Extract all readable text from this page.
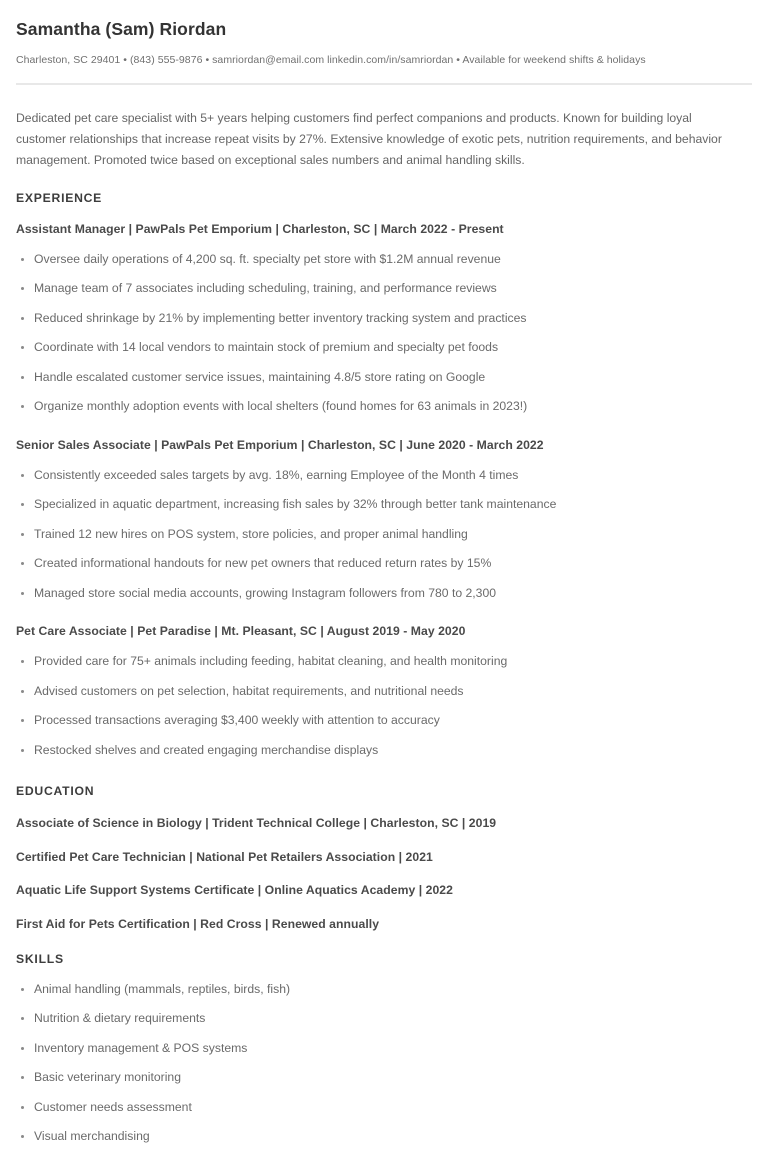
Samantha (Sam) Riordan

Charleston, SC 29401 • (843) 555-9876 • samriordan@email.com linkedin.com/in/samriordan • Available for weekend shifts & holidays

Dedicated pet care specialist with 5+ years helping customers find perfect companions and products. Known for building loyal customer relationships that increase repeat visits by 27%. Extensive knowledge of exotic pets, nutrition requirements, and behavior management. Promoted twice based on exceptional sales numbers and animal handling skills.

EXPERIENCE
Assistant Manager | PawPals Pet Emporium | Charleston, SC | March 2022 - Present
Oversee daily operations of 4,200 sq. ft. specialty pet store with $1.2M annual revenue
Manage team of 7 associates including scheduling, training, and performance reviews
Reduced shrinkage by 21% by implementing better inventory tracking system and practices
Coordinate with 14 local vendors to maintain stock of premium and specialty pet foods
Handle escalated customer service issues, maintaining 4.8/5 store rating on Google
Organize monthly adoption events with local shelters (found homes for 63 animals in 2023!)
Senior Sales Associate | PawPals Pet Emporium | Charleston, SC | June 2020 - March 2022
Consistently exceeded sales targets by avg. 18%, earning Employee of the Month 4 times
Specialized in aquatic department, increasing fish sales by 32% through better tank maintenance
Trained 12 new hires on POS system, store policies, and proper animal handling
Created informational handouts for new pet owners that reduced return rates by 15%
Managed store social media accounts, growing Instagram followers from 780 to 2,300
Pet Care Associate | Pet Paradise | Mt. Pleasant, SC | August 2019 - May 2020
Provided care for 75+ animals including feeding, habitat cleaning, and health monitoring
Advised customers on pet selection, habitat requirements, and nutritional needs
Processed transactions averaging $3,400 weekly with attention to accuracy
Restocked shelves and created engaging merchandise displays
EDUCATION
Associate of Science in Biology | Trident Technical College | Charleston, SC | 2019
Certified Pet Care Technician | National Pet Retailers Association | 2021
Aquatic Life Support Systems Certificate | Online Aquatics Academy | 2022
First Aid for Pets Certification | Red Cross | Renewed annually
SKILLS
Animal handling (mammals, reptiles, birds, fish)
Nutrition & dietary requirements
Inventory management & POS systems
Basic veterinary monitoring
Customer needs assessment
Visual merchandising
